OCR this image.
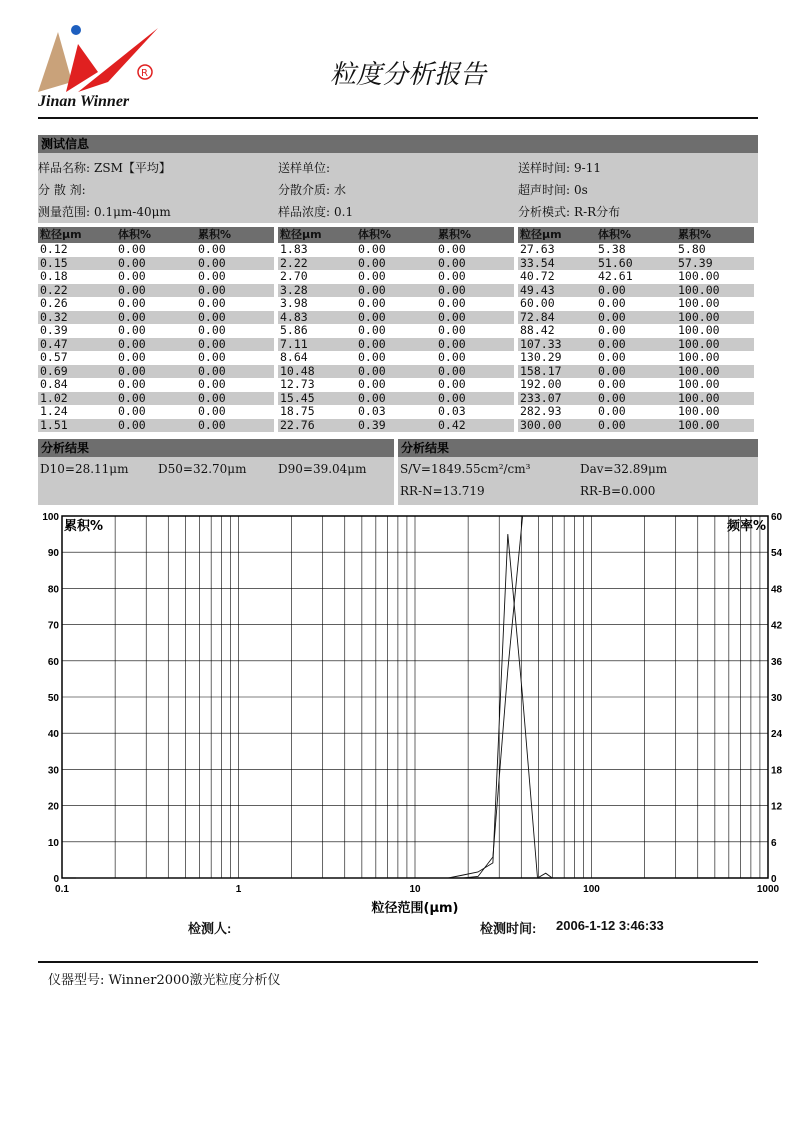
R
Jinan Winner
粒度分析报告
测试信息
样品名称: ZSM【平均】	送样单位:	送样时间: 9-11
分 散 剂:	分散介质: 水	超声时间: 0s
测量范围: 0.1μm-40μm	样品浓度: 0.1	分析模式: R-R分布
粒径μm	体积%	累积%
0.12	0.00	0.00
0.15	0.00	0.00
0.18	0.00	0.00
0.22	0.00	0.00
0.26	0.00	0.00
0.32	0.00	0.00
0.39	0.00	0.00
0.47	0.00	0.00
0.57	0.00	0.00
0.69	0.00	0.00
0.84	0.00	0.00
1.02	0.00	0.00
1.24	0.00	0.00
1.51	0.00	0.00
粒径μm	体积%	累积%
1.83	0.00	0.00
2.22	0.00	0.00
2.70	0.00	0.00
3.28	0.00	0.00
3.98	0.00	0.00
4.83	0.00	0.00
5.86	0.00	0.00
7.11	0.00	0.00
8.64	0.00	0.00
10.48	0.00	0.00
12.73	0.00	0.00
15.45	0.00	0.00
18.75	0.03	0.03
22.76	0.39	0.42
粒径μm	体积%	累积%
27.63	5.38	5.80
33.54	51.60	57.39
40.72	42.61	100.00
49.43	0.00	100.00
60.00	0.00	100.00
72.84	0.00	100.00
88.42	0.00	100.00
107.33	0.00	100.00
130.29	0.00	100.00
158.17	0.00	100.00
192.00	0.00	100.00
233.07	0.00	100.00
282.93	0.00	100.00
300.00	0.00	100.00
分析结果
D10=28.11μm D50=32.70μm	D90=39.04μm
分析结果
S/V=1849.55cm²/cm³	Dav=32.89μm
RR-N=13.719	RR-B=0.000
0
10
20
30
40
50
60
70
80
90
100
0
6
12
18
24
30
36
42
48
54
60
0.1	1	10	100	1000
累积%	频率%
粒径范围(μm)
检测人:	检测时间: 2006-1-12 3:46:33
仪器型号: Winner2000激光粒度分析仪
